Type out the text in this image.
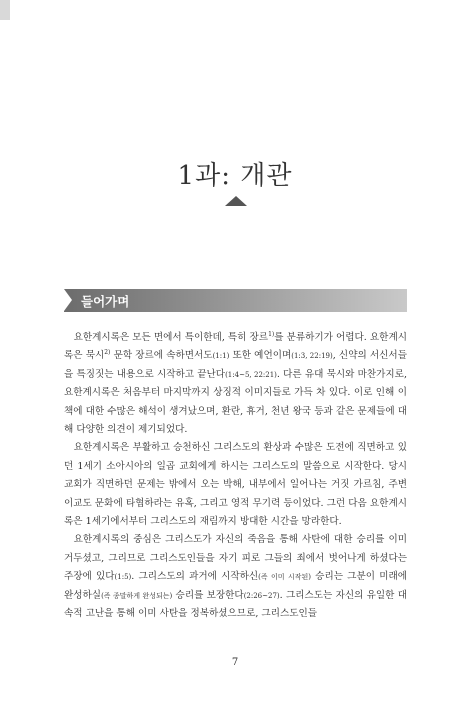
1과: 개관
들어가며

요한계시록은 모든 면에서 특이한데, 특히 장르$^{1)}$를 분류하기가 어렵다. 요한계시록은 묵시$^{2)}$ 문학 장르에 속하면서도(1:1) 또한 예언이며(1:3, 22:19), 신약의 서신서들을 특징짓는 내용으로 시작하고 끝난다(1:4~5, 22:21). 다른 유대 묵시와 마찬가지로, 요한계시록은 처음부터 마지막까지 상징적 이미지들로 가득 차 있다. 이로 인해 이 책에 대한 수많은 해석이 생겨났으며, 환란, 휴거, 천년 왕국 등과 같은 문제들에 대해 다양한 의견이 제기되었다.

요한계시록은 부활하고 승천하신 그리스도의 환상과 수많은 도전에 직면하고 있던 1세기 소아시아의 일곱 교회에게 하시는 그리스도의 말씀으로 시작한다. 당시 교회가 직면하던 문제는 밖에서 오는 박해, 내부에서 일어나는 거짓 가르침, 주변 이교도 문화에 타협하라는 유혹, 그리고 영적 무기력 등이었다. 그런 다음 요한계시록은 1세기에서부터 그리스도의 재림까지 방대한 시간을 망라한다.

요한계시록의 중심은 그리스도가 자신의 죽음을 통해 사탄에 대한 승리를 이미 거두셨고, 그리므로 그리스도인들을 자기 피로 그들의 죄에서 벗어나게 하셨다는 주장에 있다(1:5). 그리스도의 과거에 시작하신(즉 이미 시작된) 승리는 그분이 미래에 완성하실(즉 종말하게 완성되는) 승리를 보장한다(2:26~27). 그리스도는 자신의 유일한 대속적 고난을 통해 이미 사탄을 정복하셨으므로, 그리스도인들

7
